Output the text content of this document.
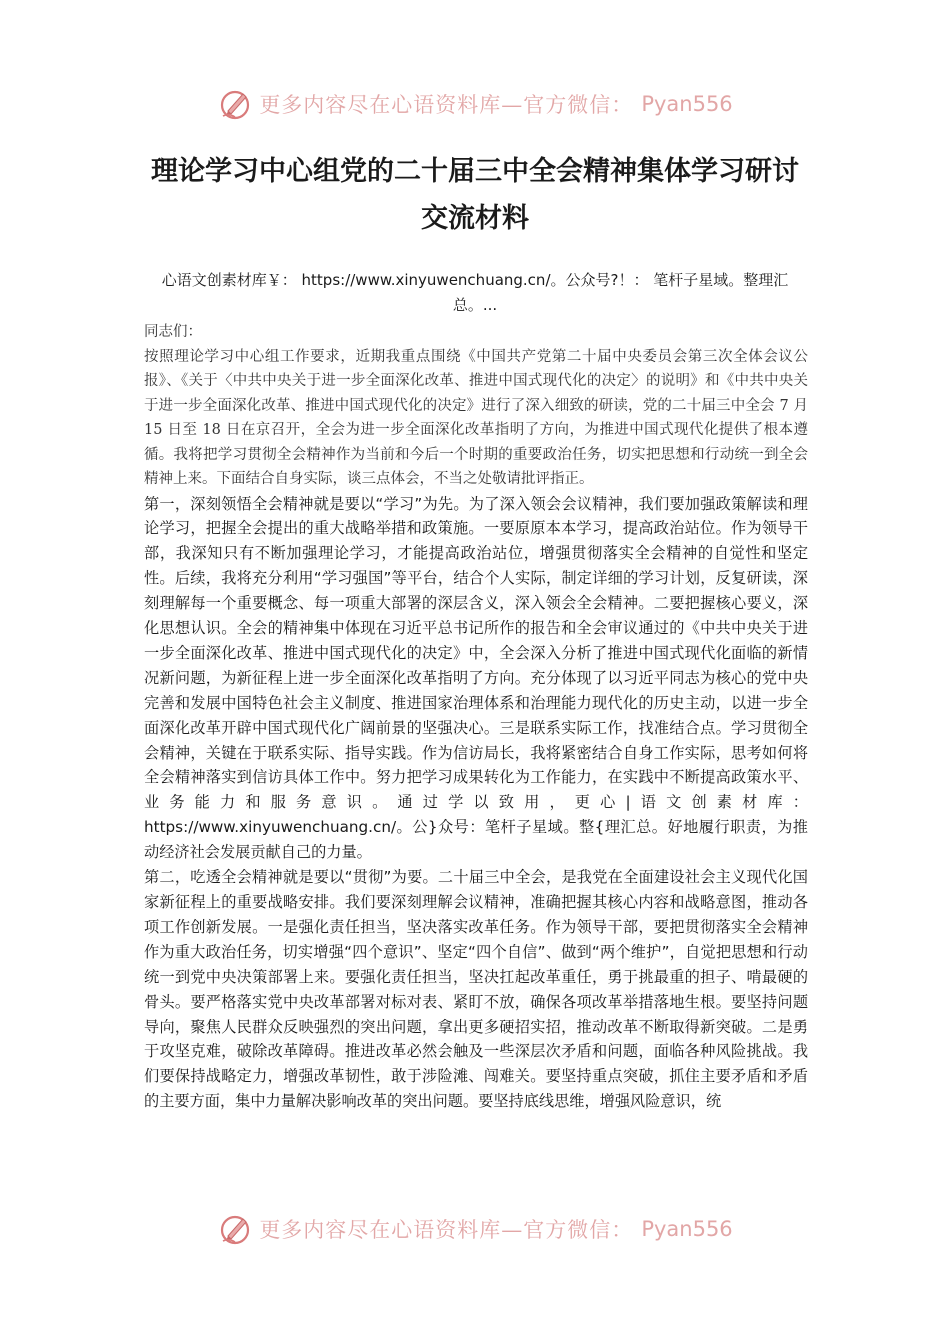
更多内容尽在心语资料库—官方微信： Pyan556
理论学习中心组党的二十届三中全会精神集体学习研讨交流材料

心语文创素材库￥： https://www.xinyuwenchuang.cn/。公众号?！： 笔杆子星域。整理汇总。...

同志们：

按照理论学习中心组工作要求，近期我重点围绕《中国共产党第二十届中央委员会第三次全体会议公报》、《关于〈中共中央关于进一步全面深化改革、推进中国式现代化的决定〉的说明》和《中共中央关于进一步全面深化改革、推进中国式现代化的决定》进行了深入细致的研读，党的二十届三中全会 7 月 15 日至 18 日在京召开，全会为进一步全面深化改革指明了方向，为推进中国式现代化提供了根本遵循。我将把学习贯彻全会精神作为当前和今后一个时期的重要政治任务，切实把思想和行动统一到全会精神上来。下面结合自身实际，谈三点体会，不当之处敬请批评指正。

第一，深刻领悟全会精神就是要以“学习”为先。为了深入领会会议精神，我们要加强政策解读和理论学习，把握全会提出的重大战略举措和政策施。一要原原本本学习，提高政治站位。作为领导干部，我深知只有不断加强理论学习，才能提高政治站位，增强贯彻落实全会精神的自觉性和坚定性。后续，我将充分利用“学习强国”等平台，结合个人实际，制定详细的学习计划，反复研读，深刻理解每一个重要概念、每一项重大部署的深层含义，深入领会全会精神。二要把握核心要义，深化思想认识。全会的精神集中体现在习近平总书记所作的报告和全会审议通过的《中共中央关于进一步全面深化改革、推进中国式现代化的决定》中，全会深入分析了推进中国式现代化面临的新情况新问题，为新征程上进一步全面深化改革指明了方向。充分体现了以习近平同志为核心的党中央完善和发展中国特色社会主义制度、推进国家治理体系和治理能力现代化的历史主动，以进一步全面深化改革开辟中国式现代化广阔前景的坚强决心。三是联系实际工作，找准结合点。学习贯彻全会精神，关键在于联系实际、指导实践。作为信访局长，我将紧密结合自身工作实际，思考如何将全会精神落实到信访具体工作中。努力把学习成果转化为工作能力，在实践中不断提高政策水平、业务能力和服务意识。通过学以致用，更心|语文创素材库：https://www.xinyuwenchuang.cn/。公}众号：笔杆子星域。整{理汇总。好地履行职责，为推动经济社会发展贡献自己的力量。

第二，吃透全会精神就是要以“贯彻”为要。二十届三中全会，是我党在全面建设社会主义现代化国家新征程上的重要战略安排。我们要深刻理解会议精神，准确把握其核心内容和战略意图，推动各项工作创新发展。一是强化责任担当，坚决落实改革任务。作为领导干部，要把贯彻落实全会精神作为重大政治任务，切实增强“四个意识”、坚定“四个自信”、做到“两个维护”，自觉把思想和行动统一到党中央决策部署上来。要强化责任担当，坚决扛起改革重任，勇于挑最重的担子、啃最硬的骨头。要严格落实党中央改革部署对标对表、紧盯不放，确保各项改革举措落地生根。要坚持问题导向，聚焦人民群众反映强烈的突出问题，拿出更多硬招实招，推动改革不断取得新突破。二是勇于攻坚克难，破除改革障碍。推进改革必然会触及一些深层次矛盾和问题，面临各种风险挑战。我们要保持战略定力，增强改革韧性，敢于涉险滩、闯难关。要坚持重点突破，抓住主要矛盾和矛盾的主要方面，集中力量解决影响改革的突出问题。要坚持底线思维，增强风险意识，统

更多内容尽在心语资料库—官方微信： Pyan556
